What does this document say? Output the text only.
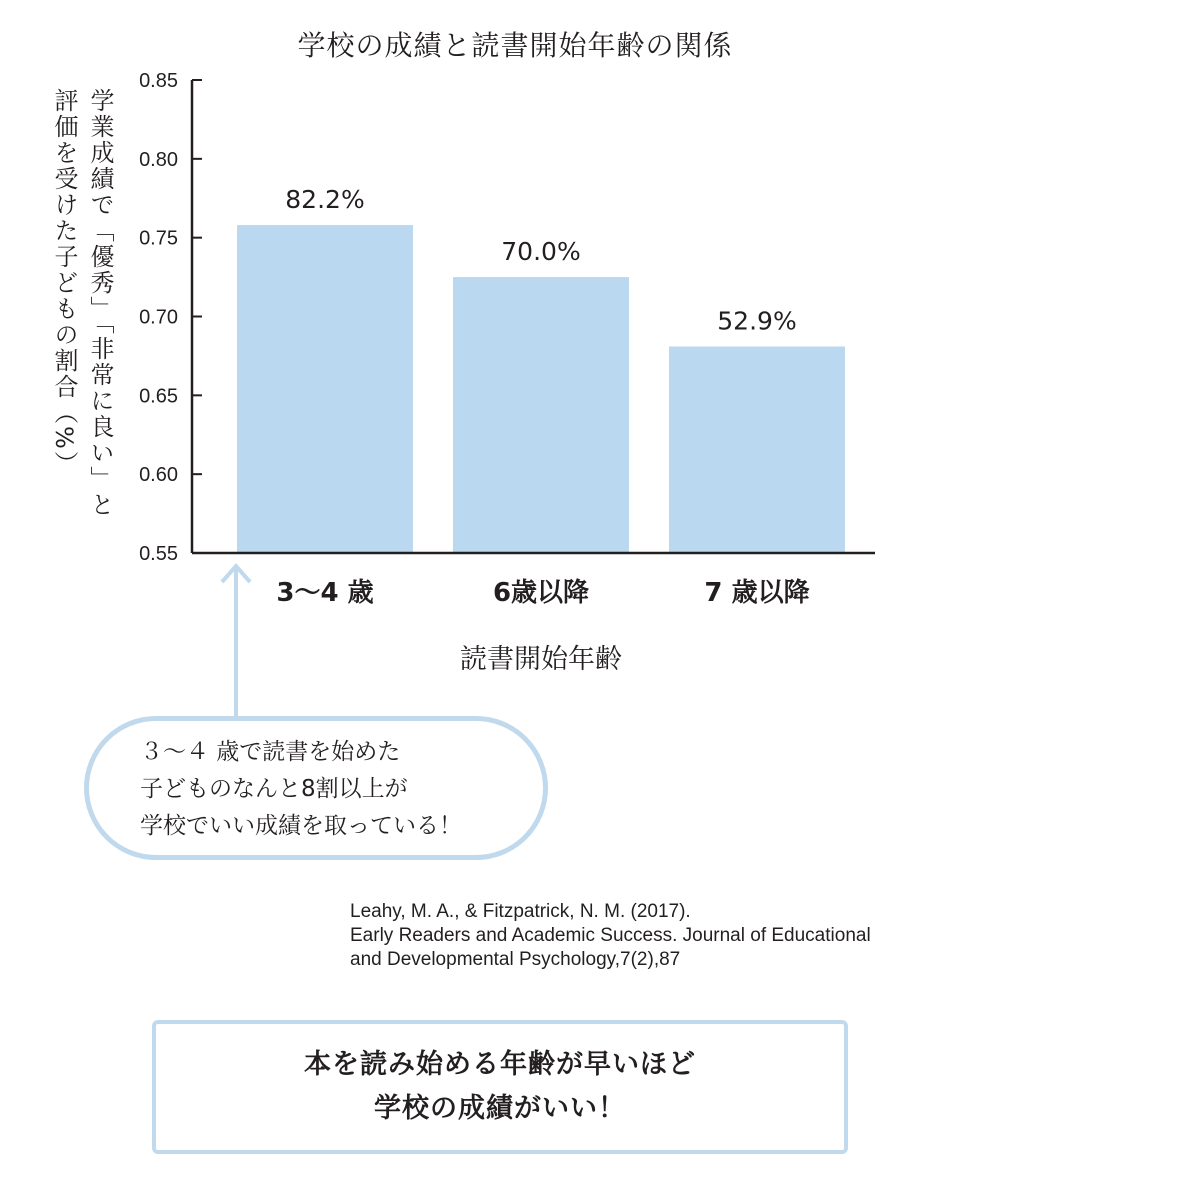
学校の成績と読書開始年齢の関係
学業成績で「優秀」「非常に良い」と
評価を受けた子どもの割合（%）
0.55
0.60
0.65
0.70
0.75
0.80
0.85
82.2%
3～4 歳
70.0%
6歳以降
52.9%
7 歳以降
読書開始年齢
３～４ 歳で読書を始めた
子どものなんと8割以上が
学校でいい成績を取っている！
Leahy, M. A., & Fitzpatrick, N. M. (2017).
Early Readers and Academic Success. Journal of Educational
and Developmental Psychology,7(2),87
本を読み始める年齢が早いほど
学校の成績がいい！
